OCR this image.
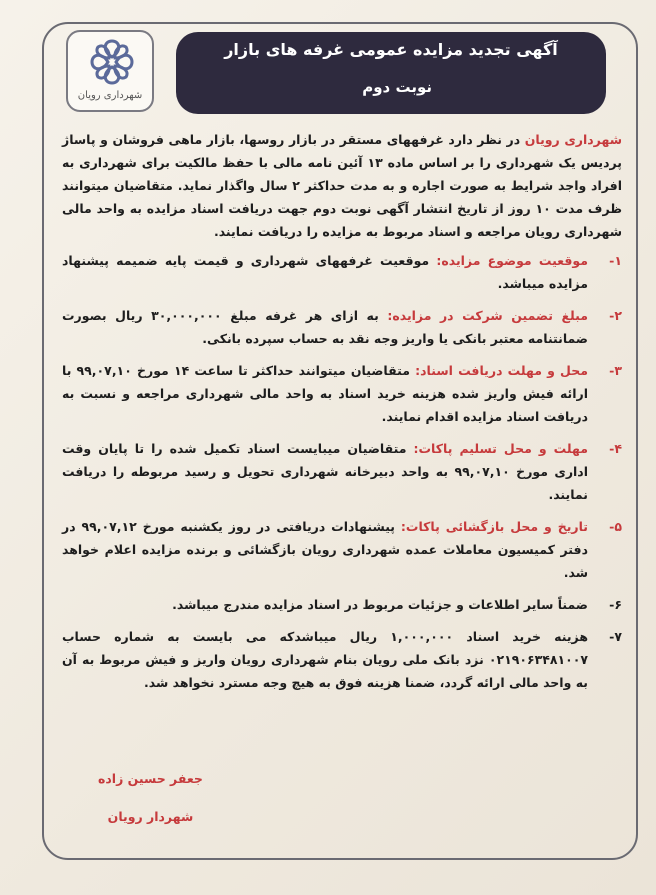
شهرداری رویان
آگهی تجدید مزایده عمومی غرفه های بازار
نوبت دوم

شهرداری رویان در نظر دارد غرفههای مستقر در بازار روسها، بازار ماهی فروشان و پاساژ پردیس یک شهرداری را بر اساس ماده ۱۳ آئین نامه مالی با حفظ مالکیت برای شهرداری به افراد واجد شرایط به صورت اجاره و به مدت حداکثر ۲ سال واگذار نماید. متقاضیان میتوانند ظرف مدت ۱۰ روز از تاریخ انتشار آگهی نوبت دوم جهت دریافت اسناد مزایده به واحد مالی شهرداری رویان مراجعه و اسناد مربوط به مزایده را دریافت نمایند.

۱-
موقعیت موضوع مزایده: موقعیت غرفههای شهرداری و قیمت پایه ضمیمه پیشنهاد مزایده میباشد.
۲-
مبلغ تضمین شرکت در مزایده: به ازای هر غرفه مبلغ ۳۰,۰۰۰,۰۰۰ ریال بصورت ضمانتنامه معتبر بانکی یا واریز وجه نقد به حساب سپرده بانکی.
۳-
محل و مهلت دریافت اسناد: متقاضیان میتوانند حداکثر تا ساعت ۱۴ مورخ ۹۹,۰۷,۱۰ با ارائه فیش واریز شده هزینه خرید اسناد به واحد مالی شهرداری مراجعه و نسبت به دریافت اسناد مزایده اقدام نمایند.
۴-
مهلت و محل تسلیم پاکات: متقاضیان میبایست اسناد تکمیل شده را تا پایان وقت اداری مورخ ۹۹,۰۷,۱۰ به واحد دبیرخانه شهرداری تحویل و رسید مربوطه را دریافت نمایند.
۵-
تاریخ و محل بازگشائی پاکات: پیشنهادات دریافتی در روز یکشنبه مورخ ۹۹,۰۷,۱۲ در دفتر کمیسیون معاملات عمده شهرداری رویان بازگشائی و برنده مزایده اعلام خواهد شد.
۶-
ضمناً سایر اطلاعات و جزئیات مربوط در اسناد مزایده مندرج میباشد.
۷-
هزینه خرید اسناد ۱,۰۰۰,۰۰۰ ریال میباشدکه می بایست به شماره حساب ۰۲۱۹۰۶۳۴۸۱۰۰۷ نزد بانک ملی رویان بنام شهرداری رویان واریز و فیش مربوط به آن به واحد مالی ارائه گردد، ضمنا هزینه فوق به هیچ وجه مسترد نخواهد شد.
جعفر حسین زاده
شهردار رویان
